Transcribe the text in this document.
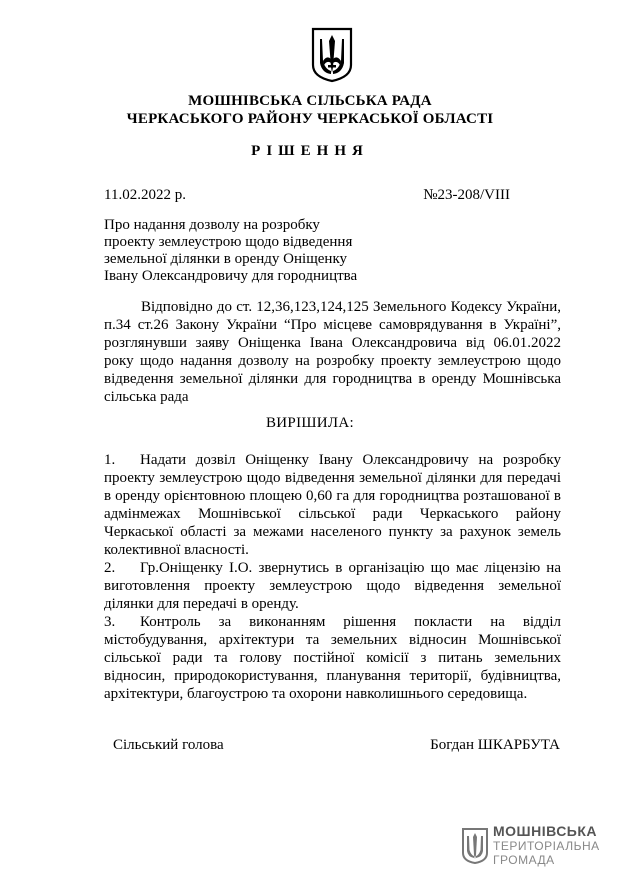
МОШНІВСЬКА СІЛЬСЬКА РАДА
ЧЕРКАСЬКОГО РАЙОНУ ЧЕРКАСЬКОЇ ОБЛАСТІ
РІШЕННЯ
11.02.2022 р.	№23-208/VIII
Про надання дозволу на розробку
проекту землеустрою щодо відведення
земельної ділянки в оренду Оніщенку
Івану Олександровичу для городництва
Відповідно до ст. 12,36,123,124,125 Земельного Кодексу України, п.34 ст.26 Закону України “Про місцеве самоврядування в Україні”, розглянувши заяву Оніщенка Івана Олександровича від 06.01.2022 року щодо надання дозволу на розробку проекту землеустрою щодо відведення земельної ділянки для городництва в оренду Мошнівська сільська рада
ВИРІШИЛА:

1. Надати дозвіл Оніщенку Івану Олександровичу на розробку проекту землеустрою щодо відведення земельної ділянки для передачі в оренду орієнтовною площею 0,60 га для городництва розташованої в адмінмежах Мошнівської сільської ради Черкаського району Черкаської області за межами населеного пункту за рахунок земель колективної власності.

2. Гр.Оніщенку І.О. звернутись в організацію що має ліцензію на виготовлення проекту землеустрою щодо відведення земельної ділянки для передачі в оренду.

3. Контроль за виконанням рішення покласти на відділ містобудування, архітектури та земельних відносин Мошнівської сільської ради та голову постійної комісії з питань земельних відносин, природокористування, планування території, будівництва, архітектури, благоустрою та охорони навколишнього середовища.

Сільський голова	Богдан ШКАРБУТА
МОШНІВСЬКА
ТЕРИТОРІАЛЬНА
ГРОМАДА
